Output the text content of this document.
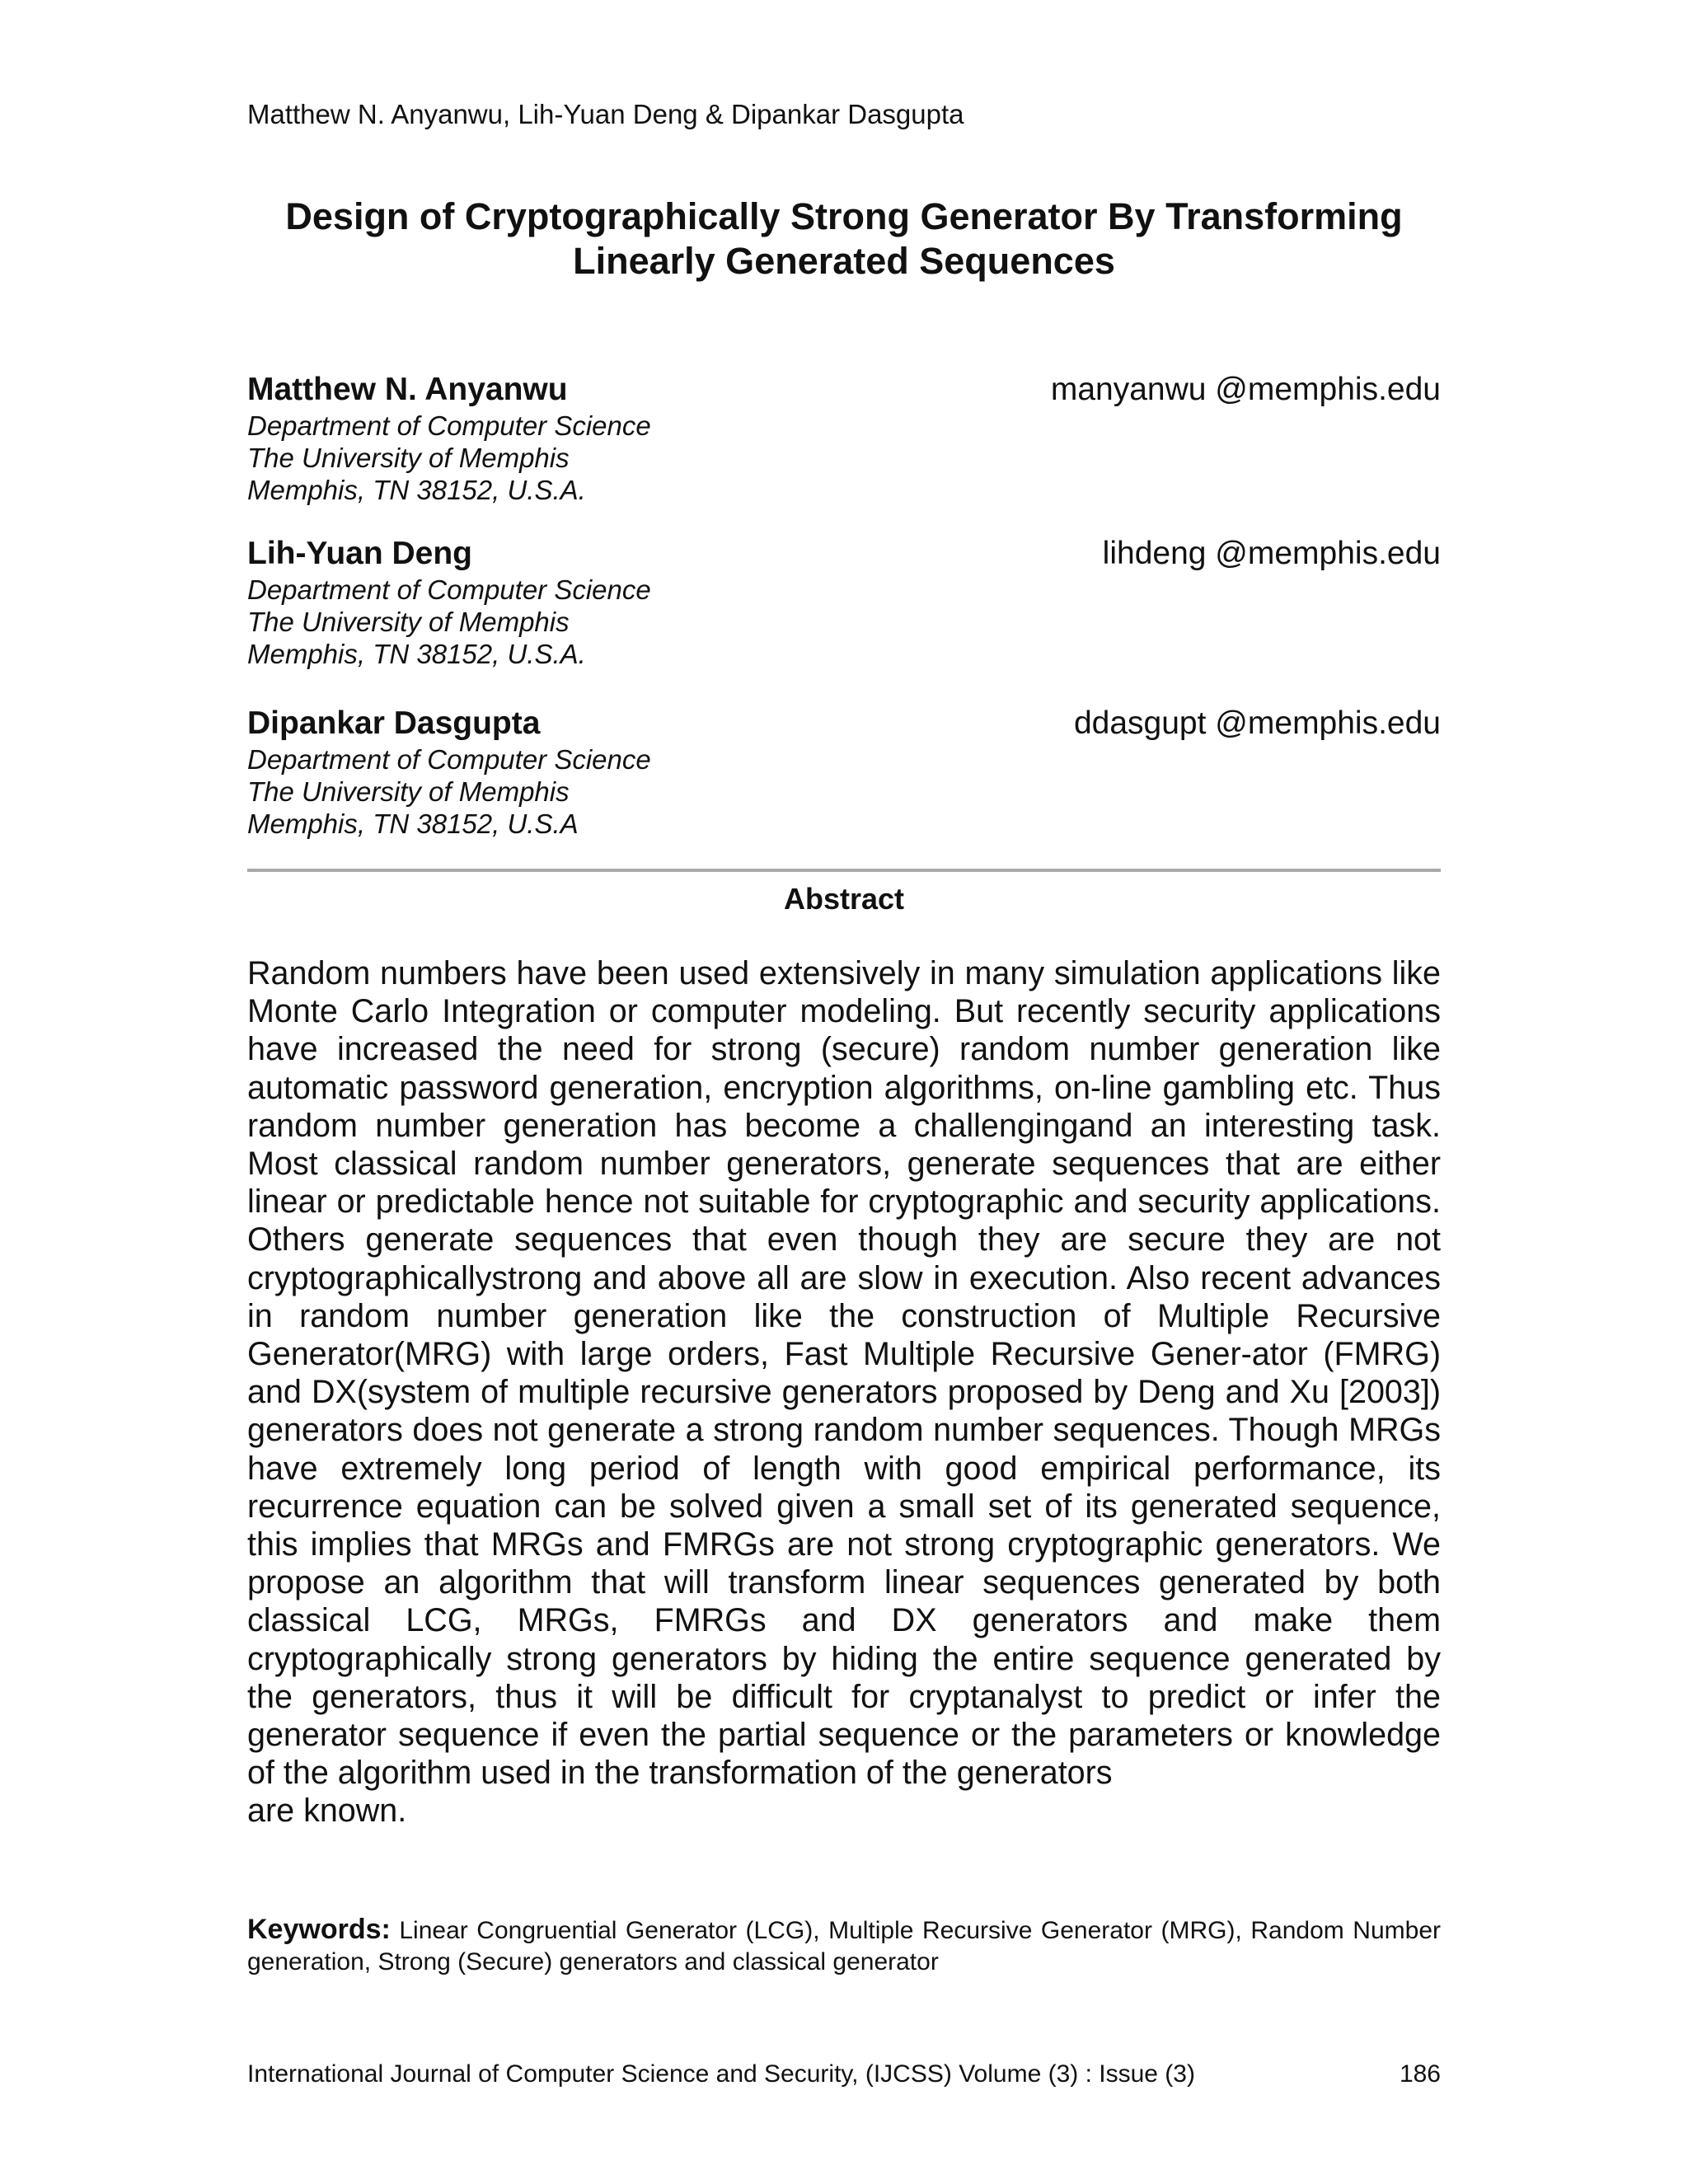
Matthew N. Anyanwu, Lih-Yuan Deng & Dipankar Dasgupta
Design of Cryptographically Strong Generator By Transforming
Linearly Generated Sequences
Matthew N. Anyanwu	manyanwu @memphis.edu
Department of Computer Science
The University of Memphis
Memphis, TN 38152, U.S.A.
Lih-Yuan Deng	lihdeng @memphis.edu
Department of Computer Science
The University of Memphis
Memphis, TN 38152, U.S.A.
Dipankar Dasgupta	ddasgupt @memphis.edu
Department of Computer Science
The University of Memphis
Memphis, TN 38152, U.S.A
Abstract

Random numbers have been used extensively in many simulation applications like Monte Carlo Integration or computer modeling. But recently security applications have increased the need for strong (secure) random number generation like automatic password generation, encryption algorithms, on-line gambling etc. Thus random number generation has become a challengingand an interesting task. Most classical random number generators, generate sequences that are either linear or predictable hence not suitable for cryptographic and security applications. Others generate sequences that even though they are secure they are not cryptographicallystrong and above all are slow in execution. Also recent advances in random number generation like the construction of Multiple Recursive Generator(MRG) with large orders, Fast Multiple Recursive Gener-ator (FMRG) and DX(system of multiple recursive generators proposed by Deng and Xu [2003]) generators does not generate a strong random number sequences. Though MRGs have extremely long period of length with good empirical performance, its recurrence equation can be solved given a small set of its generated sequence, this implies that MRGs and FMRGs are not strong cryptographic generators. We propose an algorithm that will transform linear sequences generated by both classical LCG, MRGs, FMRGs and DX generators and make them cryptographically strong generators by hiding the entire sequence generated by the generators, thus it will be difficult for cryptanalyst to predict or infer the generator sequence if even the partial sequence or the parameters or knowledge of the algorithm used in the transformation of the generators

are known.

Keywords: Linear Congruential Generator (LCG), Multiple Recursive Generator (MRG), Random Number generation, Strong (Secure) generators and classical generator
International Journal of Computer Science and Security, (IJCSS) Volume (3) : Issue (3)	186
